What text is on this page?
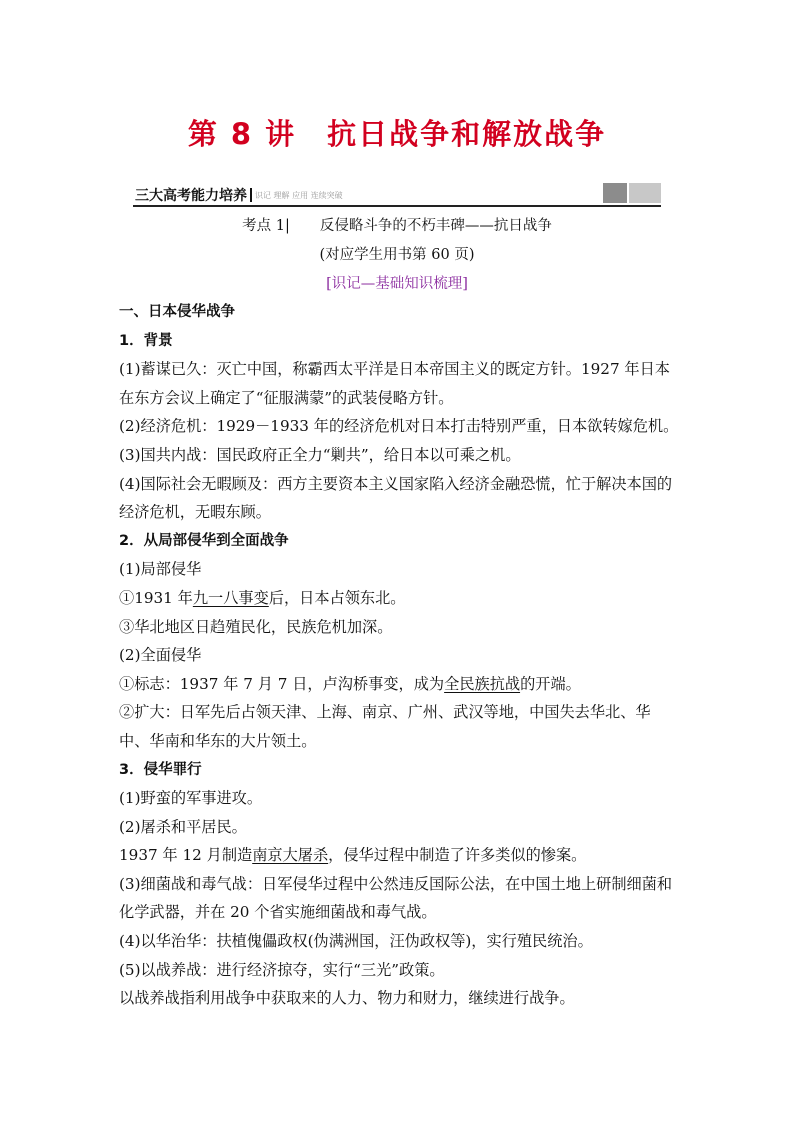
第 8 讲　抗日战争和解放战争
三大高考能力培养 识记 理解 应用 连续突破
考点 1| 反侵略斗争的不朽丰碑——抗日战争
(对应学生用书第 60 页)
[识记—基础知识梳理]
一、日本侵华战争
1．背景
(1)蓄谋已久：灭亡中国，称霸西太平洋是日本帝国主义的既定方针。1927 年日本在东方会议上确定了“征服满蒙”的武装侵略方针。
(2)经济危机：1929－1933 年的经济危机对日本打击特别严重，日本欲转嫁危机。
(3)国共内战：国民政府正全力“剿共”，给日本以可乘之机。
(4)国际社会无暇顾及：西方主要资本主义国家陷入经济金融恐慌，忙于解决本国的经济危机，无暇东顾。
2．从局部侵华到全面战争
(1)局部侵华
①1931 年九一八事变后，日本占领东北。
③华北地区日趋殖民化，民族危机加深。
(2)全面侵华
①标志：1937 年 7 月 7 日，卢沟桥事变，成为全民族抗战的开端。
②扩大：日军先后占领天津、上海、南京、广州、武汉等地，中国失去华北、华中、华南和华东的大片领土。
3．侵华罪行
(1)野蛮的军事进攻。
(2)屠杀和平居民。
1937 年 12 月制造南京大屠杀，侵华过程中制造了许多类似的惨案。
(3)细菌战和毒气战：日军侵华过程中公然违反国际公法，在中国土地上研制细菌和化学武器，并在 20 个省实施细菌战和毒气战。
(4)以华治华：扶植傀儡政权(伪满洲国，汪伪政权等)，实行殖民统治。
(5)以战养战：进行经济掠夺，实行“三光”政策。
以战养战指利用战争中获取来的人力、物力和财力，继续进行战争。
